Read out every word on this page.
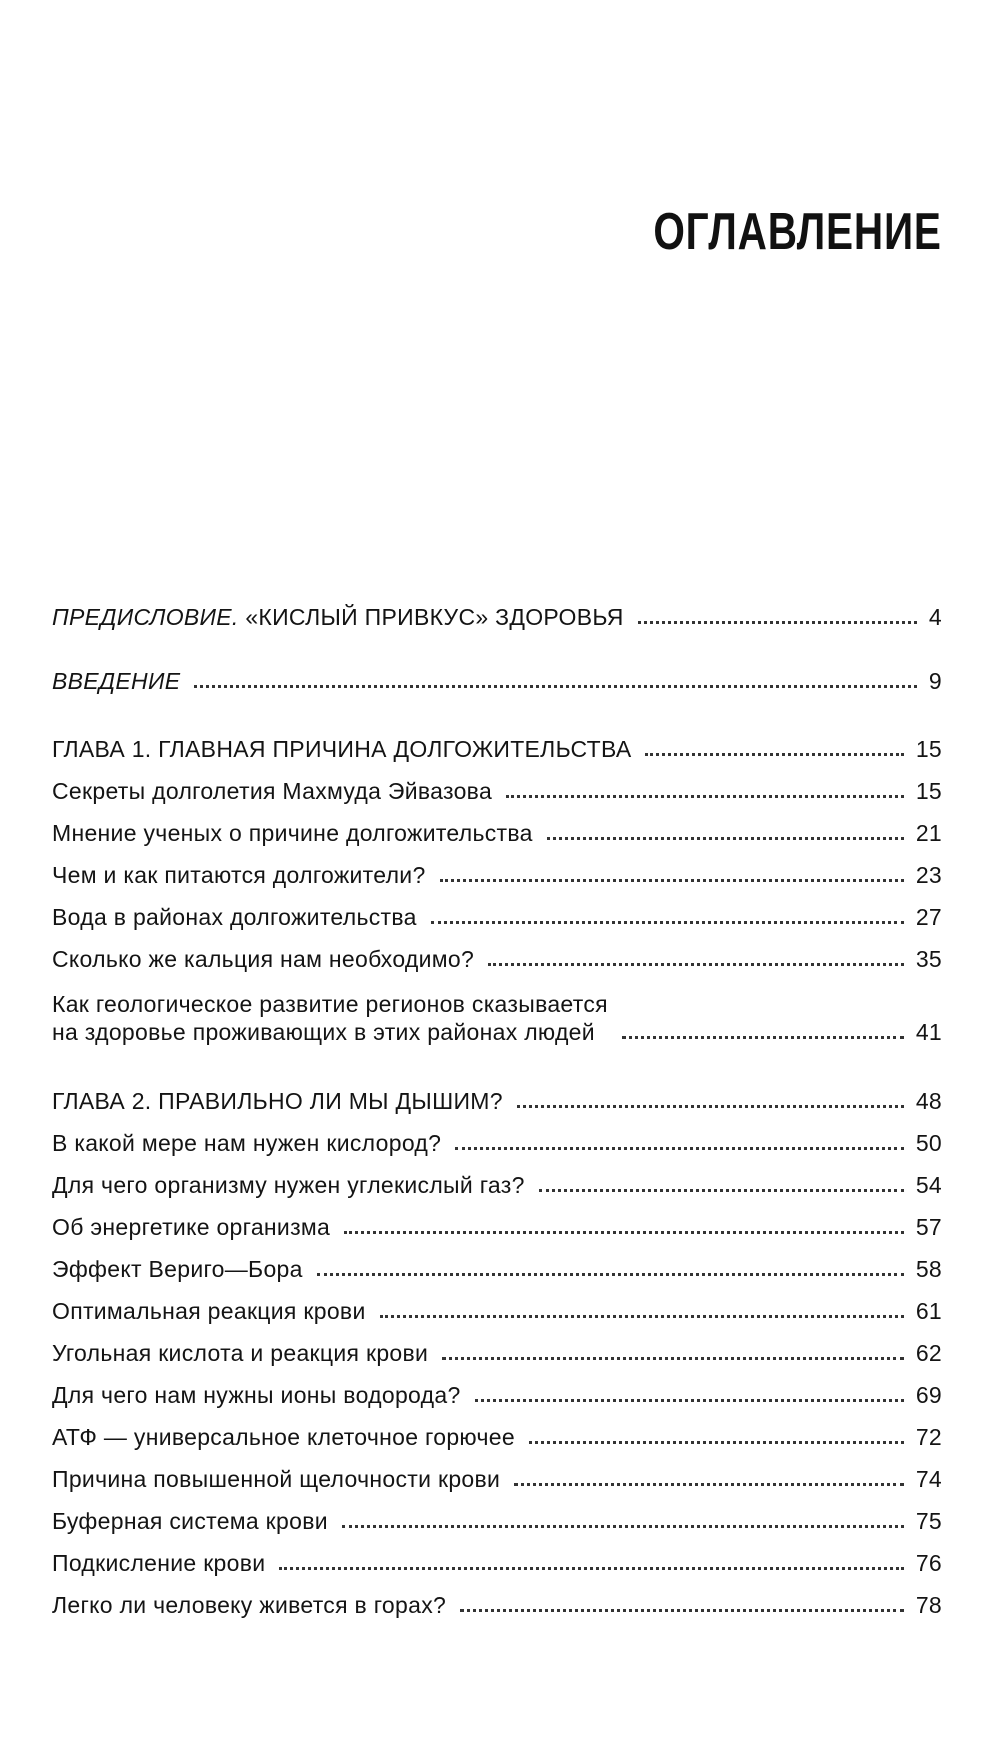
ОГЛАВЛЕНИЕ
ПРЕДИСЛОВИЕ. «КИСЛЫЙ ПРИВКУС» ЗДОРОВЬЯ	4
ВВЕДЕНИЕ	9
ГЛАВА 1. ГЛАВНАЯ ПРИЧИНА ДОЛГОЖИТЕЛЬСТВА	15
Секреты долголетия Махмуда Эйвазова	15
Мнение ученых о причине долгожительства	21
Чем и как питаются долгожители?	23
Вода в районах долгожительства	27
Сколько же кальция нам необходимо?	35
Как геологическое развитие регионов сказывается
на здоровье проживающих в этих районах людей	41
ГЛАВА 2. ПРАВИЛЬНО ЛИ МЫ ДЫШИМ?	48
В какой мере нам нужен кислород?	50
Для чего организму нужен углекислый газ?	54
Об энергетике организма	57
Эффект Вериго—Бора	58
Оптимальная реакция крови	61
Угольная кислота и реакция крови	62
Для чего нам нужны ионы водорода?	69
АТФ — универсальное клеточное горючее	72
Причина повышенной щелочности крови	74
Буферная система крови	75
Подкисление крови	76
Легко ли человеку живется в горах?	78
